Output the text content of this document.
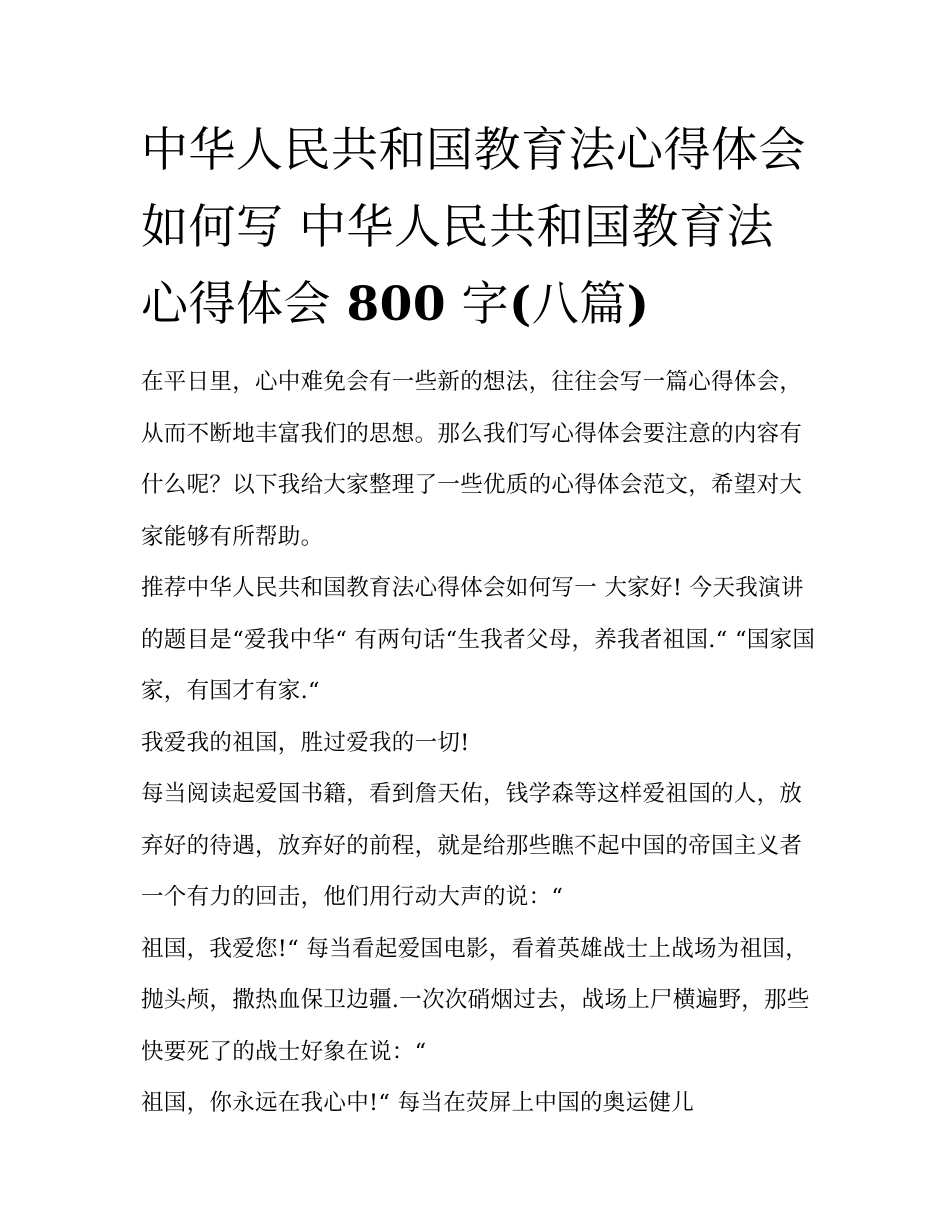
中华人民共和国教育法心得体会如何写 中华人民共和国教育法心得体会 800 字(八篇)

在平日里，心中难免会有一些新的想法，往往会写一篇心得体会，从而不断地丰富我们的思想。那么我们写心得体会要注意的内容有什么呢？以下我给大家整理了一些优质的心得体会范文，希望对大家能够有所帮助。

推荐中华人民共和国教育法心得体会如何写一 大家好! 今天我演讲的题目是“爱我中华“ 有两句话“生我者父母，养我者祖国.“ “国家国家，有国才有家.“

我爱我的祖国，胜过爱我的一切!

每当阅读起爱国书籍，看到詹天佑，钱学森等这样爱祖国的人，放弃好的待遇，放弃好的前程，就是给那些瞧不起中国的帝国主义者一个有力的回击，他们用行动大声的说：“

祖国，我爱您!“ 每当看起爱国电影，看着英雄战士上战场为祖国，抛头颅，撒热血保卫边疆.一次次硝烟过去，战场上尸横遍野，那些快要死了的战士好象在说：“

祖国，你永远在我心中!“ 每当在荧屏上中国的奥运健儿
